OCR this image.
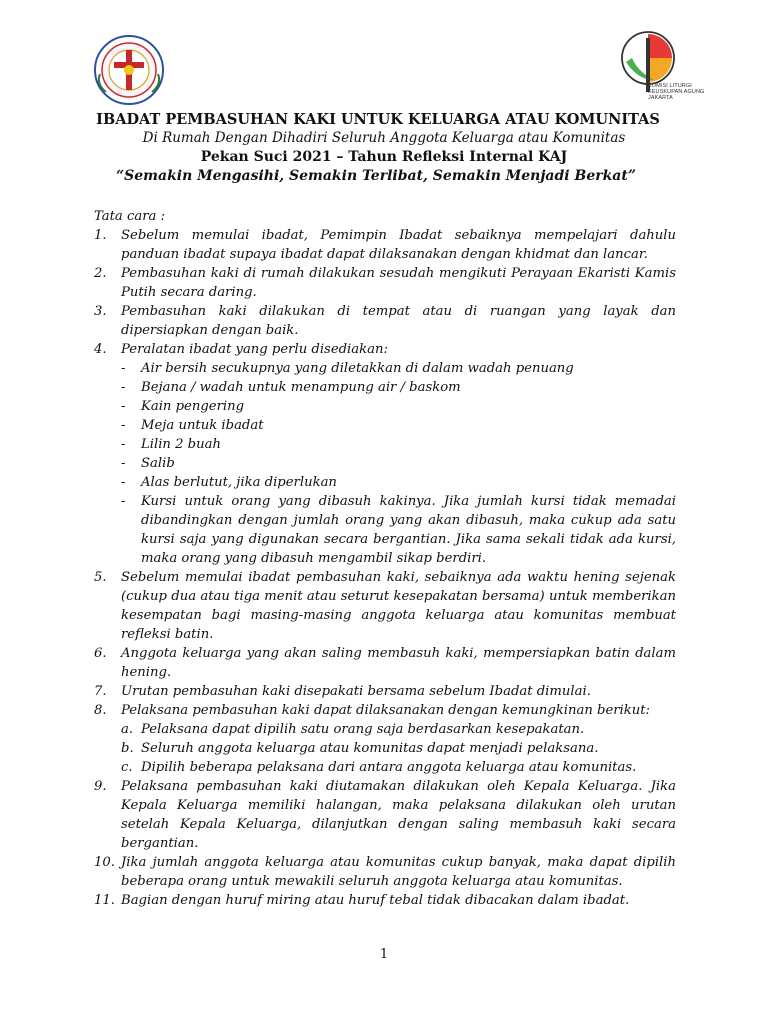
KOMISI LITURGI
KEUSKUPAN AGUNG
JAKARTA
IBADAT PEMBASUHAN KAKI UNTUK KELUARGA ATAU KOMUNITAS
Di Rumah Dengan Dihadiri Seluruh Anggota Keluarga atau Komunitas
Pekan Suci 2021 – Tahun Refleksi Internal KAJ
“Semakin Mengasihi, Semakin Terlibat, Semakin Menjadi Berkat”
Tata cara :
1.	Sebelum memulai ibadat, Pemimpin Ibadat sebaiknya mempelajari dahulu panduan ibadat supaya ibadat dapat dilaksanakan dengan khidmat dan lancar.
2.	Pembasuhan kaki di rumah dilakukan sesudah mengikuti Perayaan Ekaristi Kamis Putih secara daring.
3.	Pembasuhan kaki dilakukan di tempat atau di ruangan yang layak dan dipersiapkan dengan baik.
4.	Peralatan ibadat yang perlu disediakan:
-	Air bersih secukupnya yang diletakkan di dalam wadah penuang
-	Bejana / wadah untuk menampung air / baskom
-	Kain pengering
-	Meja untuk ibadat
-	Lilin 2 buah
-	Salib
-	Alas berlutut, jika diperlukan
-	Kursi untuk orang yang dibasuh kakinya. Jika jumlah kursi tidak memadai dibandingkan dengan jumlah orang yang akan dibasuh, maka cukup ada satu kursi saja yang digunakan secara bergantian. Jika sama sekali tidak ada kursi, maka orang yang dibasuh mengambil sikap berdiri.
5.	Sebelum memulai ibadat pembasuhan kaki, sebaiknya ada waktu hening sejenak (cukup dua atau tiga menit atau seturut kesepakatan bersama) untuk memberikan kesempatan bagi masing-masing anggota keluarga atau komunitas membuat refleksi batin.
6.	Anggota keluarga yang akan saling membasuh kaki, mempersiapkan batin dalam hening.
7.	Urutan pembasuhan kaki disepakati bersama sebelum Ibadat dimulai.
8.	Pelaksana pembasuhan kaki dapat dilaksanakan dengan kemungkinan berikut:
a. Pelaksana dapat dipilih satu orang saja berdasarkan kesepakatan.
b. Seluruh anggota keluarga atau komunitas dapat menjadi pelaksana.
c. Dipilih beberapa pelaksana dari antara anggota keluarga atau komunitas.
9.	Pelaksana pembasuhan kaki diutamakan dilakukan oleh Kepala Keluarga. Jika Kepala Keluarga memiliki halangan, maka pelaksana dilakukan oleh urutan setelah Kepala Keluarga, dilanjutkan dengan saling membasuh kaki secara bergantian.
10. Jika jumlah anggota keluarga atau komunitas cukup banyak, maka dapat dipilih beberapa orang untuk mewakili seluruh anggota keluarga atau komunitas.
11. Bagian dengan huruf miring atau huruf tebal tidak dibacakan dalam ibadat.
1
